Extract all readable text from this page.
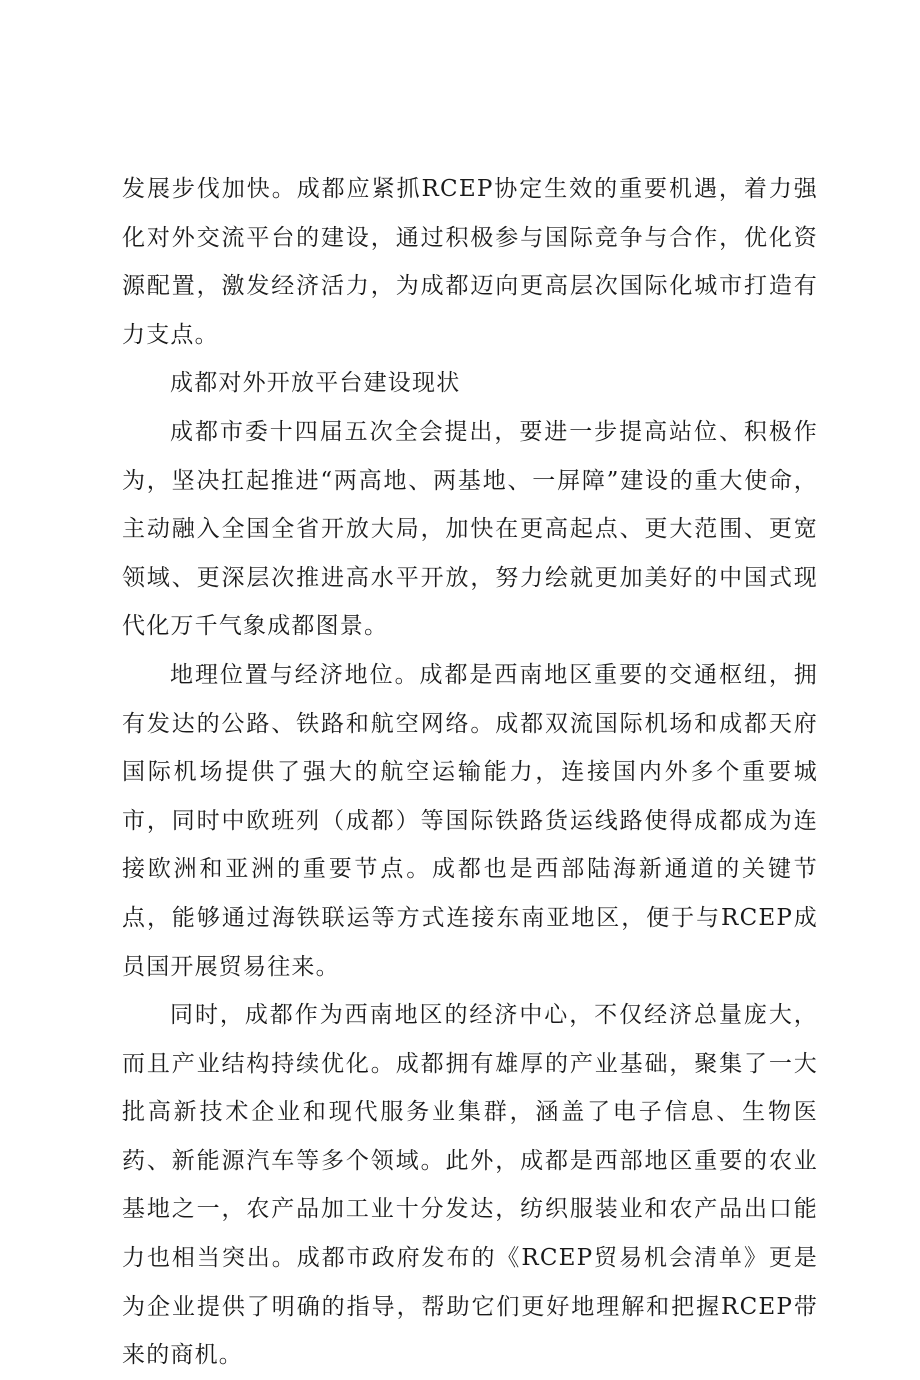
发展步伐加快。成都应紧抓RCEP协定生效的重要机遇，着力强化对外交流平台的建设，通过积极参与国际竞争与合作，优化资源配置，激发经济活力，为成都迈向更高层次国际化城市打造有力支点。

成都对外开放平台建设现状

成都市委十四届五次全会提出，要进一步提高站位、积极作为，坚决扛起推进“两高地、两基地、一屏障”建设的重大使命，主动融入全国全省开放大局，加快在更高起点、更大范围、更宽领域、更深层次推进高水平开放，努力绘就更加美好的中国式现代化万千气象成都图景。

地理位置与经济地位。成都是西南地区重要的交通枢纽，拥有发达的公路、铁路和航空网络。成都双流国际机场和成都天府国际机场提供了强大的航空运输能力，连接国内外多个重要城市，同时中欧班列（成都）等国际铁路货运线路使得成都成为连接欧洲和亚洲的重要节点。成都也是西部陆海新通道的关键节点，能够通过海铁联运等方式连接东南亚地区，便于与RCEP成员国开展贸易往来。

同时，成都作为西南地区的经济中心，不仅经济总量庞大，而且产业结构持续优化。成都拥有雄厚的产业基础，聚集了一大批高新技术企业和现代服务业集群，涵盖了电子信息、生物医药、新能源汽车等多个领域。此外，成都是西部地区重要的农业基地之一，农产品加工业十分发达，纺织服装业和农产品出口能力也相当突出。成都市政府发布的《RCEP贸易机会清单》更是为企业提供了明确的指导，帮助它们更好地理解和把握RCEP带来的商机。
